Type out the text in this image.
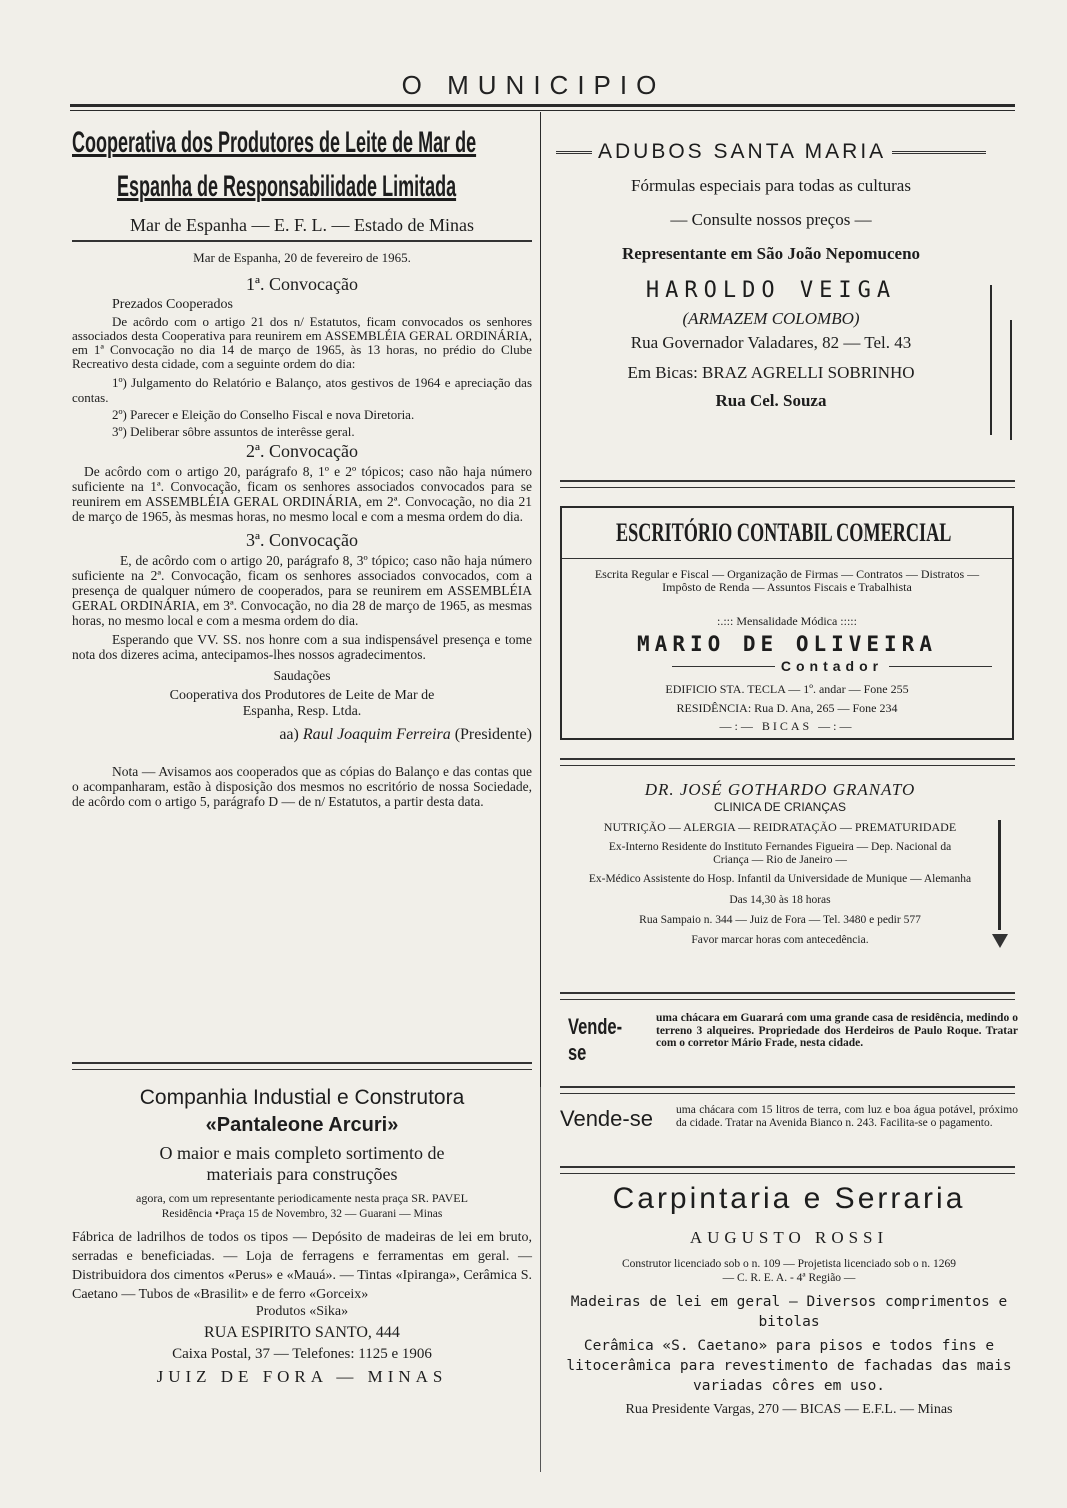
O MUNICIPIO
Cooperativa dos Produtores de Leite de Mar de
Espanha de Responsabilidade Limitada
Mar de Espanha — E. F. L. — Estado de Minas
Mar de Espanha, 20 de fevereiro de 1965.
1ª. Convocação
Prezados Cooperados

De acôrdo com o artigo 21 dos n/ Estatutos, ficam convocados os senhores associados desta Cooperativa para reunirem em ASSEMBLÉIA GERAL ORDINÁRIA, em 1ª Convocação no dia 14 de março de 1965, às 13 horas, no prédio do Clube Recreativo desta cidade, com a seguinte ordem do dia:

1º) Julgamento do Relatório e Balanço, atos gestivos de 1964 e apreciação das contas.

2º) Parecer e Eleição do Conselho Fiscal e nova Diretoria.

3º) Deliberar sôbre assuntos de interêsse geral.

2ª. Convocação

De acôrdo com o artigo 20, parágrafo 8, 1º e 2º tópicos; caso não haja número suficiente na 1ª. Convocação, ficam os senhores associados convocados para se reunirem em ASSEMBLÉIA GERAL ORDINÁRIA, em 2ª. Convocação, no dia 21 de março de 1965, às mesmas horas, no mesmo local e com a mesma ordem do dia.

3ª. Convocação

E, de acôrdo com o artigo 20, parágrafo 8, 3º tópico; caso não haja número suficiente na 2ª. Convocação, ficam os senhores associados convocados, com a presença de qualquer número de cooperados, para se reunirem em ASSEMBLÉIA GERAL ORDINÁRIA, em 3ª. Convocação, no dia 28 de março de 1965, as mesmas horas, no mesmo local e com a mesma ordem do dia.

Esperando que VV. SS. nos honre com a sua indispensável presença e tome nota dos dizeres acima, antecipamos-lhes nossos agradecimentos.

Saudações
Cooperativa dos Produtores de Leite de Mar de
Espanha, Resp. Ltda.
aa) Raul Joaquim Ferreira (Presidente)

Nota — Avisamos aos cooperados que as cópias do Balanço e das contas que o acompanharam, estão à disposição dos mesmos no escritório de nossa Sociedade, de acôrdo com o artigo 5, parágrafo D — de n/ Estatutos, a partir desta data.

Companhia Industial e Construtora
«Pantaleone Arcuri»
O maior e mais completo sortimento de
materiais para construções
agora, com um representante periodicamente nesta praça SR. PAVEL
Residência •Praça 15 de Novembro, 32 — Guarani — Minas

Fábrica de ladrilhos de todos os tipos — Depósito de madeiras de lei em bruto, serradas e beneficiadas. — Loja de ferragens e ferramentas em geral. — Distribuidora dos cimentos «Perus» e «Mauá». — Tintas «Ipiranga», Cerâmica S. Caetano — Tubos de «Brasilit» e de ferro «Gorceix»

Produtos «Sika»
RUA ESPIRITO SANTO, 444
Caixa Postal, 37 — Telefones: 1125 e 1906
JUIZ DE FORA — MINAS
ADUBOS SANTA MARIA
Fórmulas especiais para todas as culturas
— Consulte nossos preços —
Representante em São João Nepomuceno
HAROLDO VEIGA
(ARMAZEM COLOMBO)
Rua Governador Valadares, 82 — Tel. 43
Em Bicas: BRAZ AGRELLI SOBRINHO
Rua Cel. Souza
ESCRITÓRIO CONTABIL COMERCIAL

Escrita Regular e Fiscal — Organização de Firmas — Contratos — Distratos — Impôsto de Renda — Assuntos Fiscais e Trabalhista

:.::: Mensalidade Módica :::::
MARIO DE OLIVEIRA
Contador
EDIFICIO STA. TECLA — 1º. andar — Fone 255
RESIDÊNCIA: Rua D. Ana, 265 — Fone 234
—:— BICAS —:—
DR. JOSÉ GOTHARDO GRANATO
CLINICA DE CRIANÇAS
NUTRIÇÃO — ALERGIA — REIDRATAÇÃO — PREMATURIDADE

Ex-Interno Residente do Instituto Fernandes Figueira — Dep. Nacional da Criança — Rio de Janeiro —

Ex-Médico Assistente do Hosp. Infantil da Universidade de Munique — Alemanha

Das 14,30 às 18 horas
Rua Sampaio n. 344 — Juiz de Fora — Tel. 3480 e pedir 577
Favor marcar horas com antecedência.
Vende-se

uma chácara em Guarará com uma grande casa de residência, medindo o terreno 3 alqueires. Propriedade dos Herdeiros de Paulo Roque. Tratar com o corretor Mário Frade, nesta cidade.

Vende-se	uma chácara com 15 litros de terra, com luz e boa água potável, próximo da cidade. Tratar na Avenida Bianco n. 243. Facilita-se o pagamento.

Carpintaria e Serraria
AUGUSTO ROSSI
Construtor licenciado sob o n. 109 — Projetista licenciado sob o n. 1269
— C. R. E. A. - 4ª Região —

Madeiras de lei em geral — Diversos comprimentos e bitolas

Cerâmica «S. Caetano» para pisos e todos fins e litocerâmica para revestimento de fachadas das mais variadas côres em uso.

Rua Presidente Vargas, 270 — BICAS — E.F.L. — Minas
